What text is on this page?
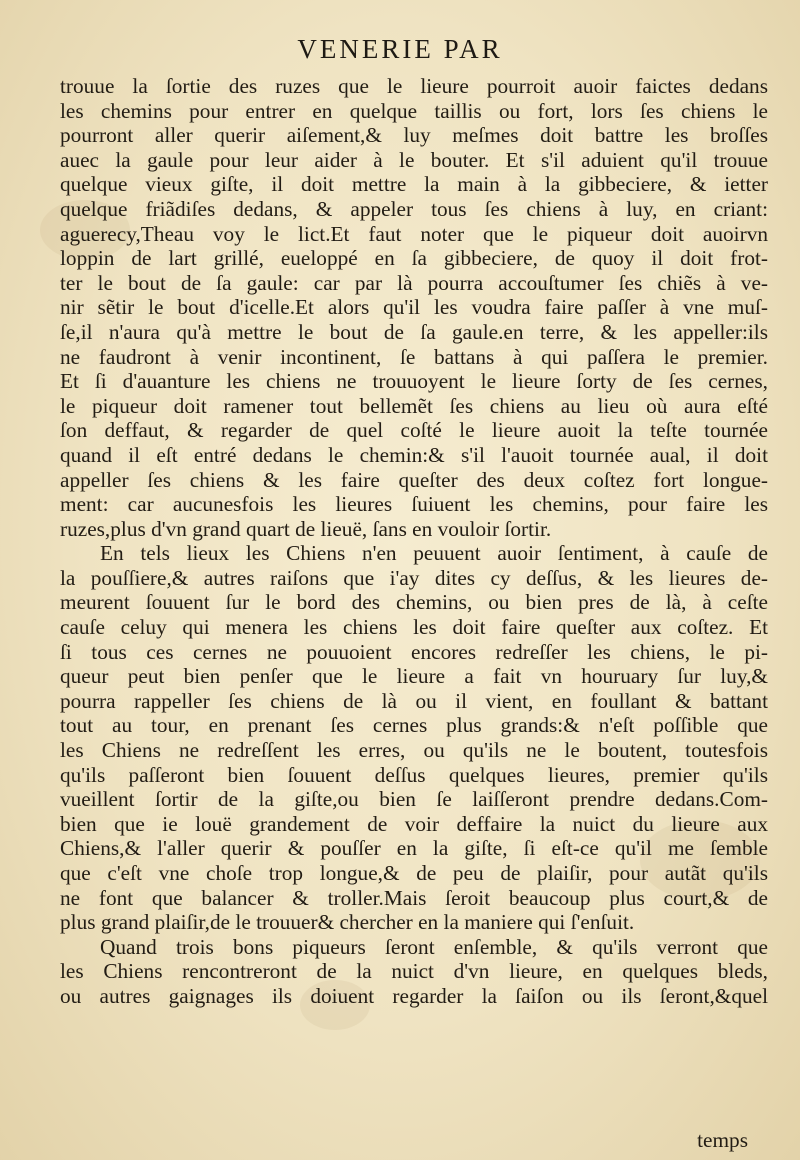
VENERIE PAR
trouue la ſortie des ruzes que le lieure pourroit auoir faictes dedans
les chemins pour entrer en quelque taillis ou fort, lors ſes chiens le
pourront aller querir aiſement,& luy meſmes doit battre les broſſes
auec la gaule pour leur aider à le bouter. Et s'il aduient qu'il trouue
quelque vieux giſte, il doit mettre la main à la gibbeciere, & ietter
quelque friãdiſes dedans, & appeler tous ſes chiens à luy, en criant:
aguerecy,Theau voy le lict.Et faut noter que le piqueur doit auoirvn
loppin de lart grillé, eueloppé en ſa gibbeciere, de quoy il doit frot-
ter le bout de ſa gaule: car par là pourra accouſtumer ſes chiẽs à ve-
nir sẽtir le bout d'icelle.Et alors qu'il les voudra faire paſſer à vne muſ-
ſe,il n'aura qu'à mettre le bout de ſa gaule.en terre, & les appeller:ils
ne faudront à venir incontinent, ſe battans à qui paſſera le premier.
Et ſi d'auanture les chiens ne trouuoyent le lieure ſorty de ſes cernes,
le piqueur doit ramener tout bellemẽt ſes chiens au lieu où aura eſté
ſon deffaut, & regarder de quel coſté le lieure auoit la teſte tournée
quand il eſt entré dedans le chemin:& s'il l'auoit tournée aual, il doit
appeller ſes chiens & les faire queſter des deux coſtez fort longue-
ment: car aucunesfois les lieures ſuiuent les chemins, pour faire les
ruzes,plus d'vn grand quart de lieuë, ſans en vouloir ſortir.
En tels lieux les Chiens n'en peuuent auoir ſentiment, à cauſe de
la pouſſiere,& autres raiſons que i'ay dites cy deſſus, & les lieures de-
meurent ſouuent ſur le bord des chemins, ou bien pres de là, à ceſte
cauſe celuy qui menera les chiens les doit faire queſter aux coſtez. Et
ſi tous ces cernes ne pouuoient encores redreſſer les chiens, le pi-
queur peut bien penſer que le lieure a fait vn houruary ſur luy,&
pourra rappeller ſes chiens de là ou il vient, en foullant & battant
tout au tour, en prenant ſes cernes plus grands:& n'eſt poſſible que
les Chiens ne redreſſent les erres, ou qu'ils ne le boutent, toutesfois
qu'ils paſſeront bien ſouuent deſſus quelques lieures, premier qu'ils
vueillent ſortir de la giſte,ou bien ſe laiſſeront prendre dedans.Com-
bien que ie louë grandement de voir deffaire la nuict du lieure aux
Chiens,& l'aller querir & pouſſer en la giſte, ſi eſt-ce qu'il me ſemble
que c'eſt vne choſe trop longue,& de peu de plaiſir, pour autãt qu'ils
ne font que balancer & troller.Mais ſeroit beaucoup plus court,& de
plus grand plaiſir,de le trouuer& chercher en la maniere qui ſ'enſuit.
Quand trois bons piqueurs ſeront enſemble, & qu'ils verront que
les Chiens rencontreront de la nuict d'vn lieure, en quelques bleds,
ou autres gaignages ils doiuent regarder la ſaiſon ou ils ſeront,&quel
temps
